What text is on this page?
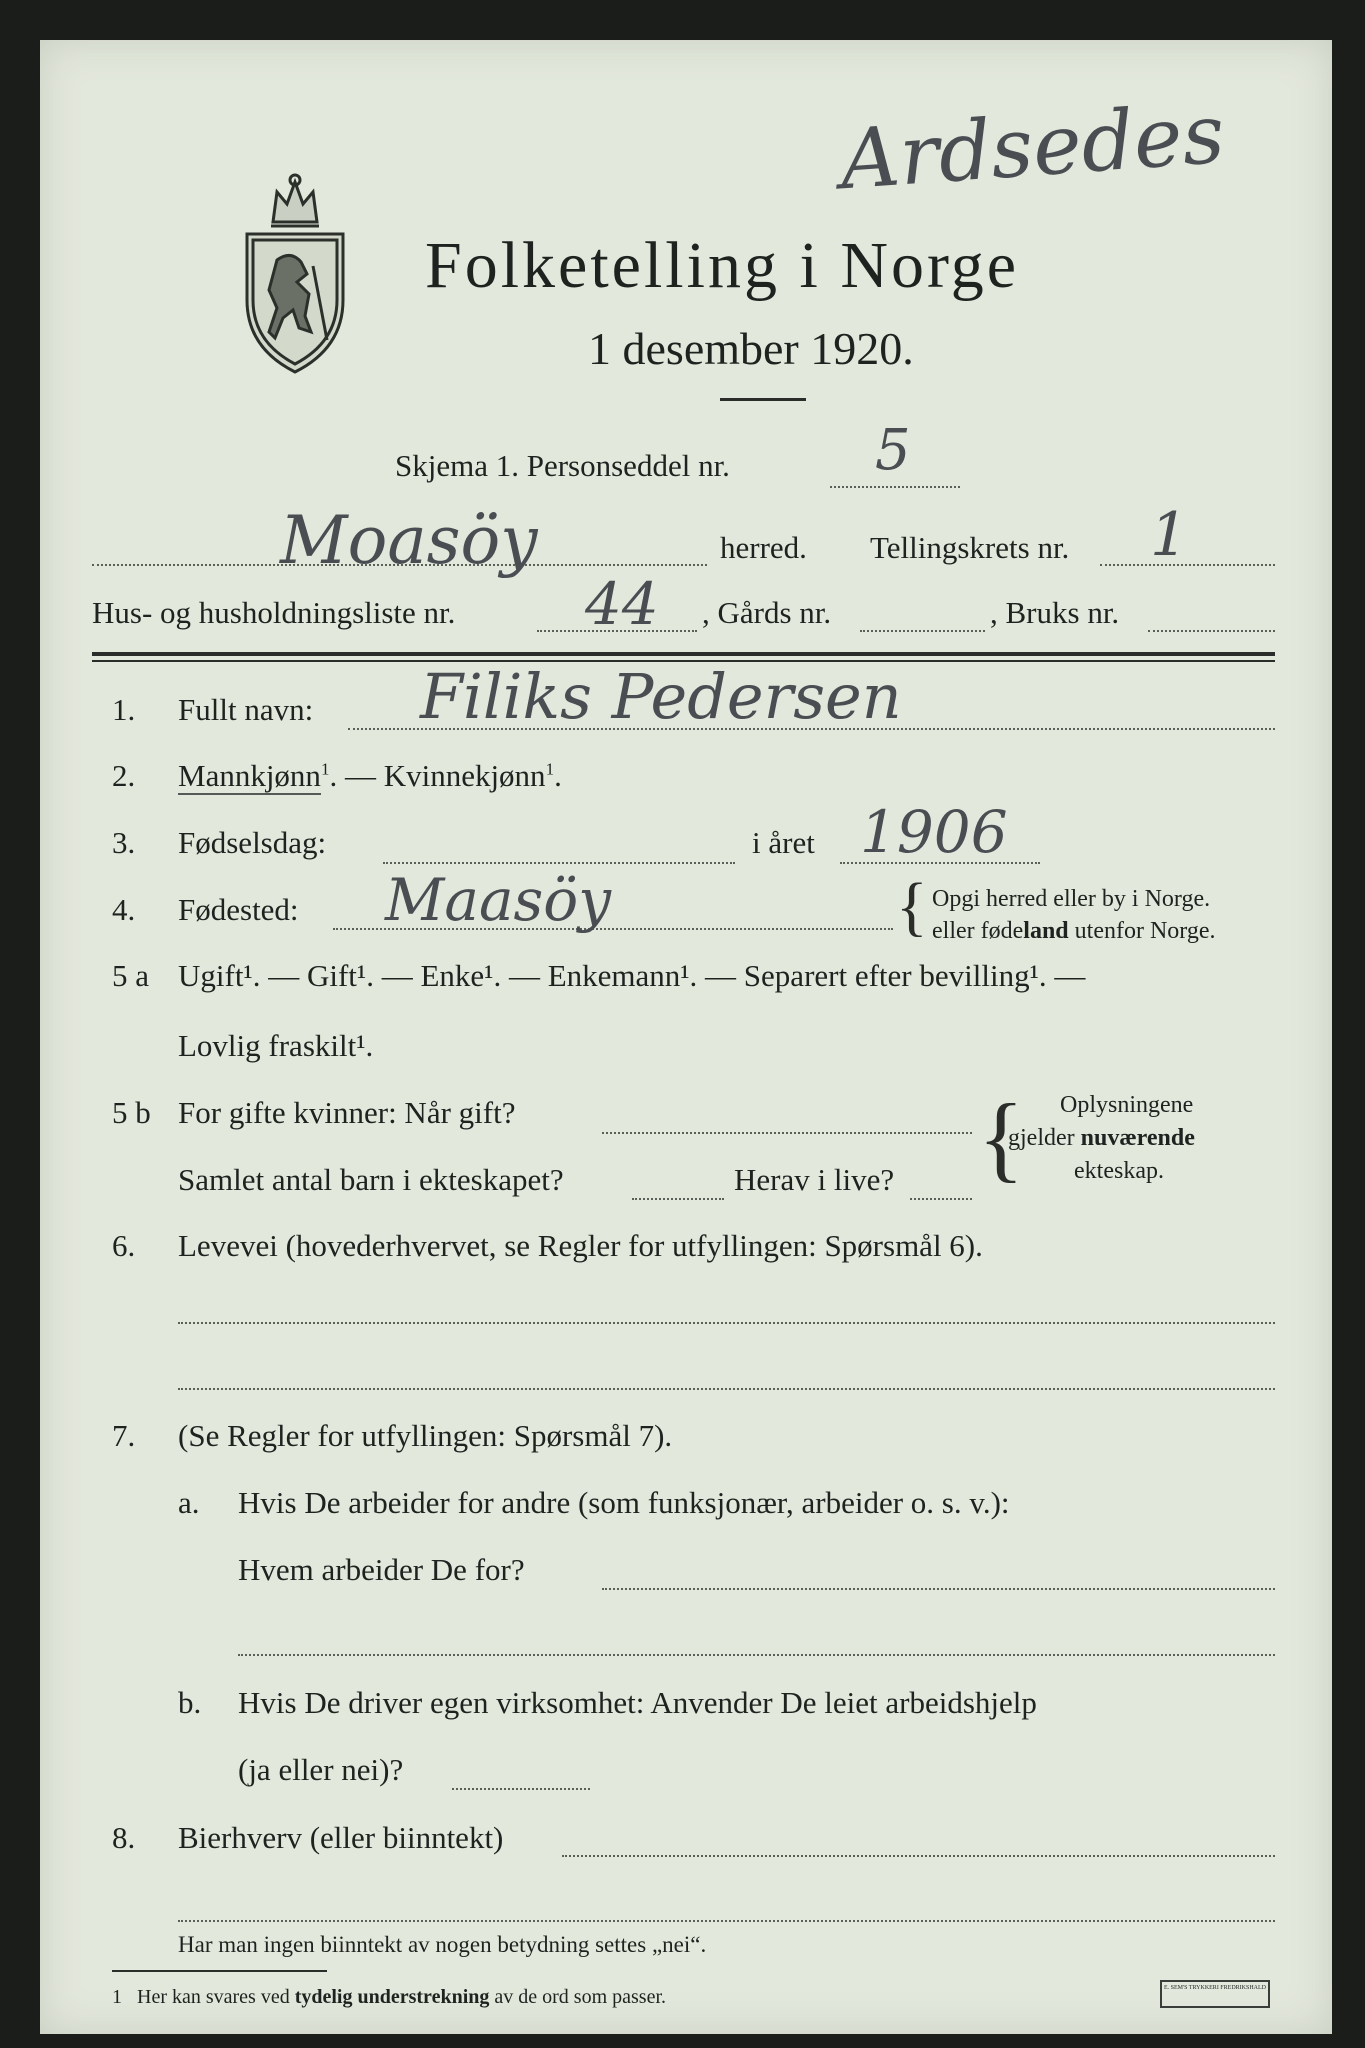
Ardsedes
Folketelling i Norge
1 desember 1920.
Skjema 1. Personseddel nr.	5
Moasöy	herred. Tellingskrets nr. 1
Hus- og husholdningsliste nr. 44 , Gårds nr.	, Bruks nr.
1. Fullt navn: Filiks Pedersen
2. Mannkjønn$^1$. — Kvinnekjønn$^1$.
3. Fødselsdag:	i året 1906
4. Fødested: Maasöy	{ Opgi herred eller by i Norge.
eller fødeland utenfor Norge.
5 a Ugift¹. — Gift¹. — Enke¹. — Enkemann¹. — Separert efter bevilling¹. —
Lovlig fraskilt¹.
5 b For gifte kvinner: Når gift?
Samlet antal barn i ekteskapet?	Herav i live? { Oplysningene
gjelder nuværende
ekteskap.
6. Levevei (hovederhvervet, se Regler for utfyllingen: Spørsmål 6).
7. (Se Regler for utfyllingen: Spørsmål 7).
a. Hvis De arbeider for andre (som funksjonær, arbeider o. s. v.):
Hvem arbeider De for?
b. Hvis De driver egen virksomhet: Anvender De leiet arbeidshjelp
(ja eller nei)?
8. Bierhverv (eller biinntekt)
Har man ingen biinntekt av nogen betydning settes „nei“.
1 Her kan svares ved tydelig understrekning av de ord som passer.	E. SEM'S TRYKKERI FREDRIKSHALD
